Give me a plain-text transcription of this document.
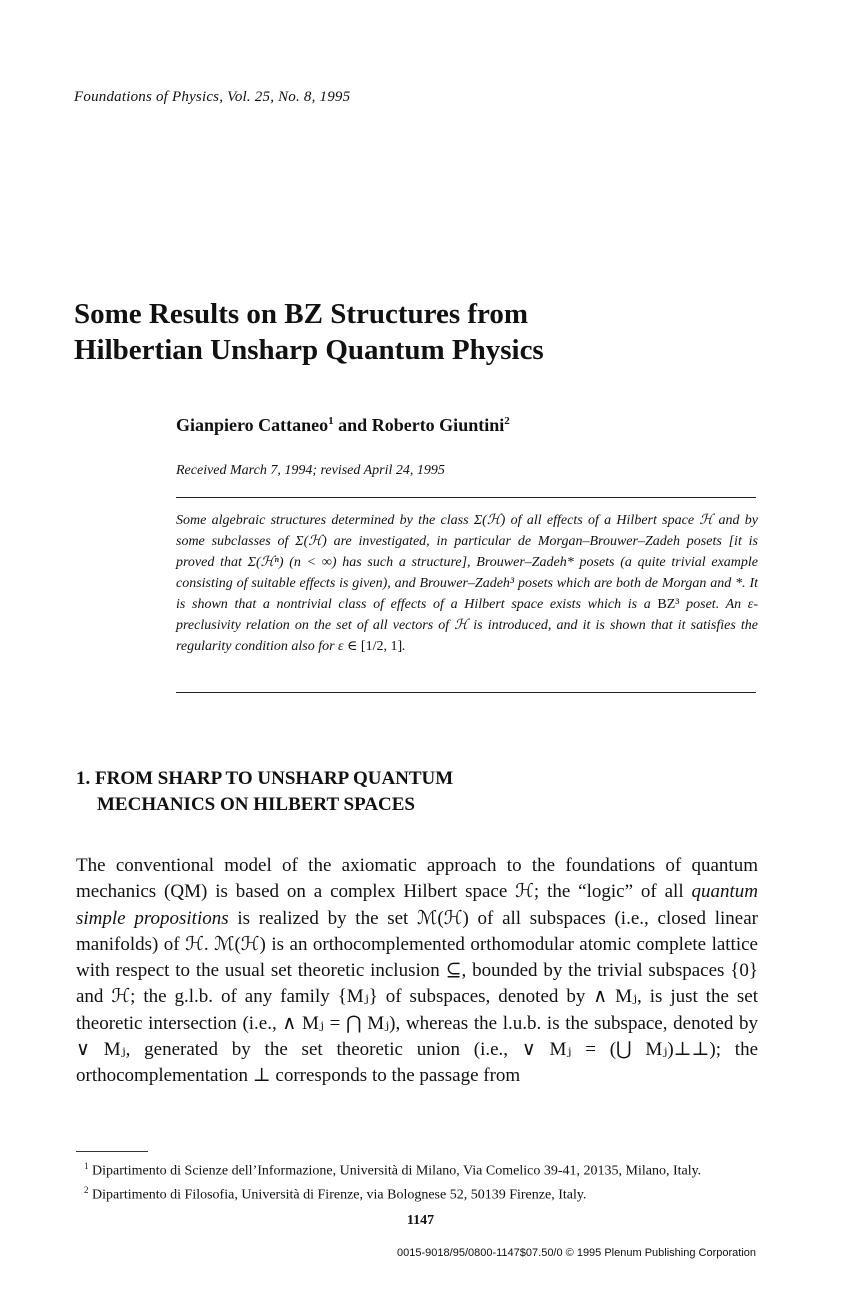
Foundations of Physics, Vol. 25, No. 8, 1995
Some Results on BZ Structures from
Hilbertian Unsharp Quantum Physics
Gianpiero Cattaneo$^1$ and Roberto Giuntini$^2$
Received March 7, 1994; revised April 24, 1995
Some algebraic structures determined by the class Σ(ℋ) of all effects of a Hilbert space ℋ and by some subclasses of Σ(ℋ) are investigated, in particular de Morgan–Brouwer–Zadeh posets [it is proved that Σ(ℋⁿ) (n < ∞) has such a structure], Brouwer–Zadeh* posets (a quite trivial example consisting of suitable effects is given), and Brouwer–Zadeh³ posets which are both de Morgan and *. It is shown that a nontrivial class of effects of a Hilbert space exists which is a BZ³ poset. An ε-preclusivity relation on the set of all vectors of ℋ is introduced, and it is shown that it satisfies the regularity condition also for ε ∈ [1/2, 1].
1. FROM SHARP TO UNSHARP QUANTUM
MECHANICS ON HILBERT SPACES
The conventional model of the axiomatic approach to the foundations of quantum mechanics (QM) is based on a complex Hilbert space ℋ; the “logic” of all quantum simple propositions is realized by the set ℳ(ℋ) of all subspaces (i.e., closed linear manifolds) of ℋ. ℳ(ℋ) is an orthocomplemented orthomodular atomic complete lattice with respect to the usual set theoretic inclusion ⊆, bounded by the trivial subspaces {0} and ℋ; the g.l.b. of any family {Mⱼ} of subspaces, denoted by ∧ Mⱼ, is just the set theoretic intersection (i.e., ∧ Mⱼ = ⋂ Mⱼ), whereas the l.u.b. is the subspace, denoted by ∨ Mⱼ, generated by the set theoretic union (i.e., ∨ Mⱼ = (⋃ Mⱼ)⊥⊥); the orthocomplementation ⊥ corresponds to the passage from
$^1$ Dipartimento di Scienze dell’Informazione, Università di Milano, Via Comelico 39-41, 20135, Milano, Italy.
$^2$ Dipartimento di Filosofia, Università di Firenze, via Bolognese 52, 50139 Firenze, Italy.
1147
0015-9018/95/0800-1147$07.50/0 © 1995 Plenum Publishing Corporation
